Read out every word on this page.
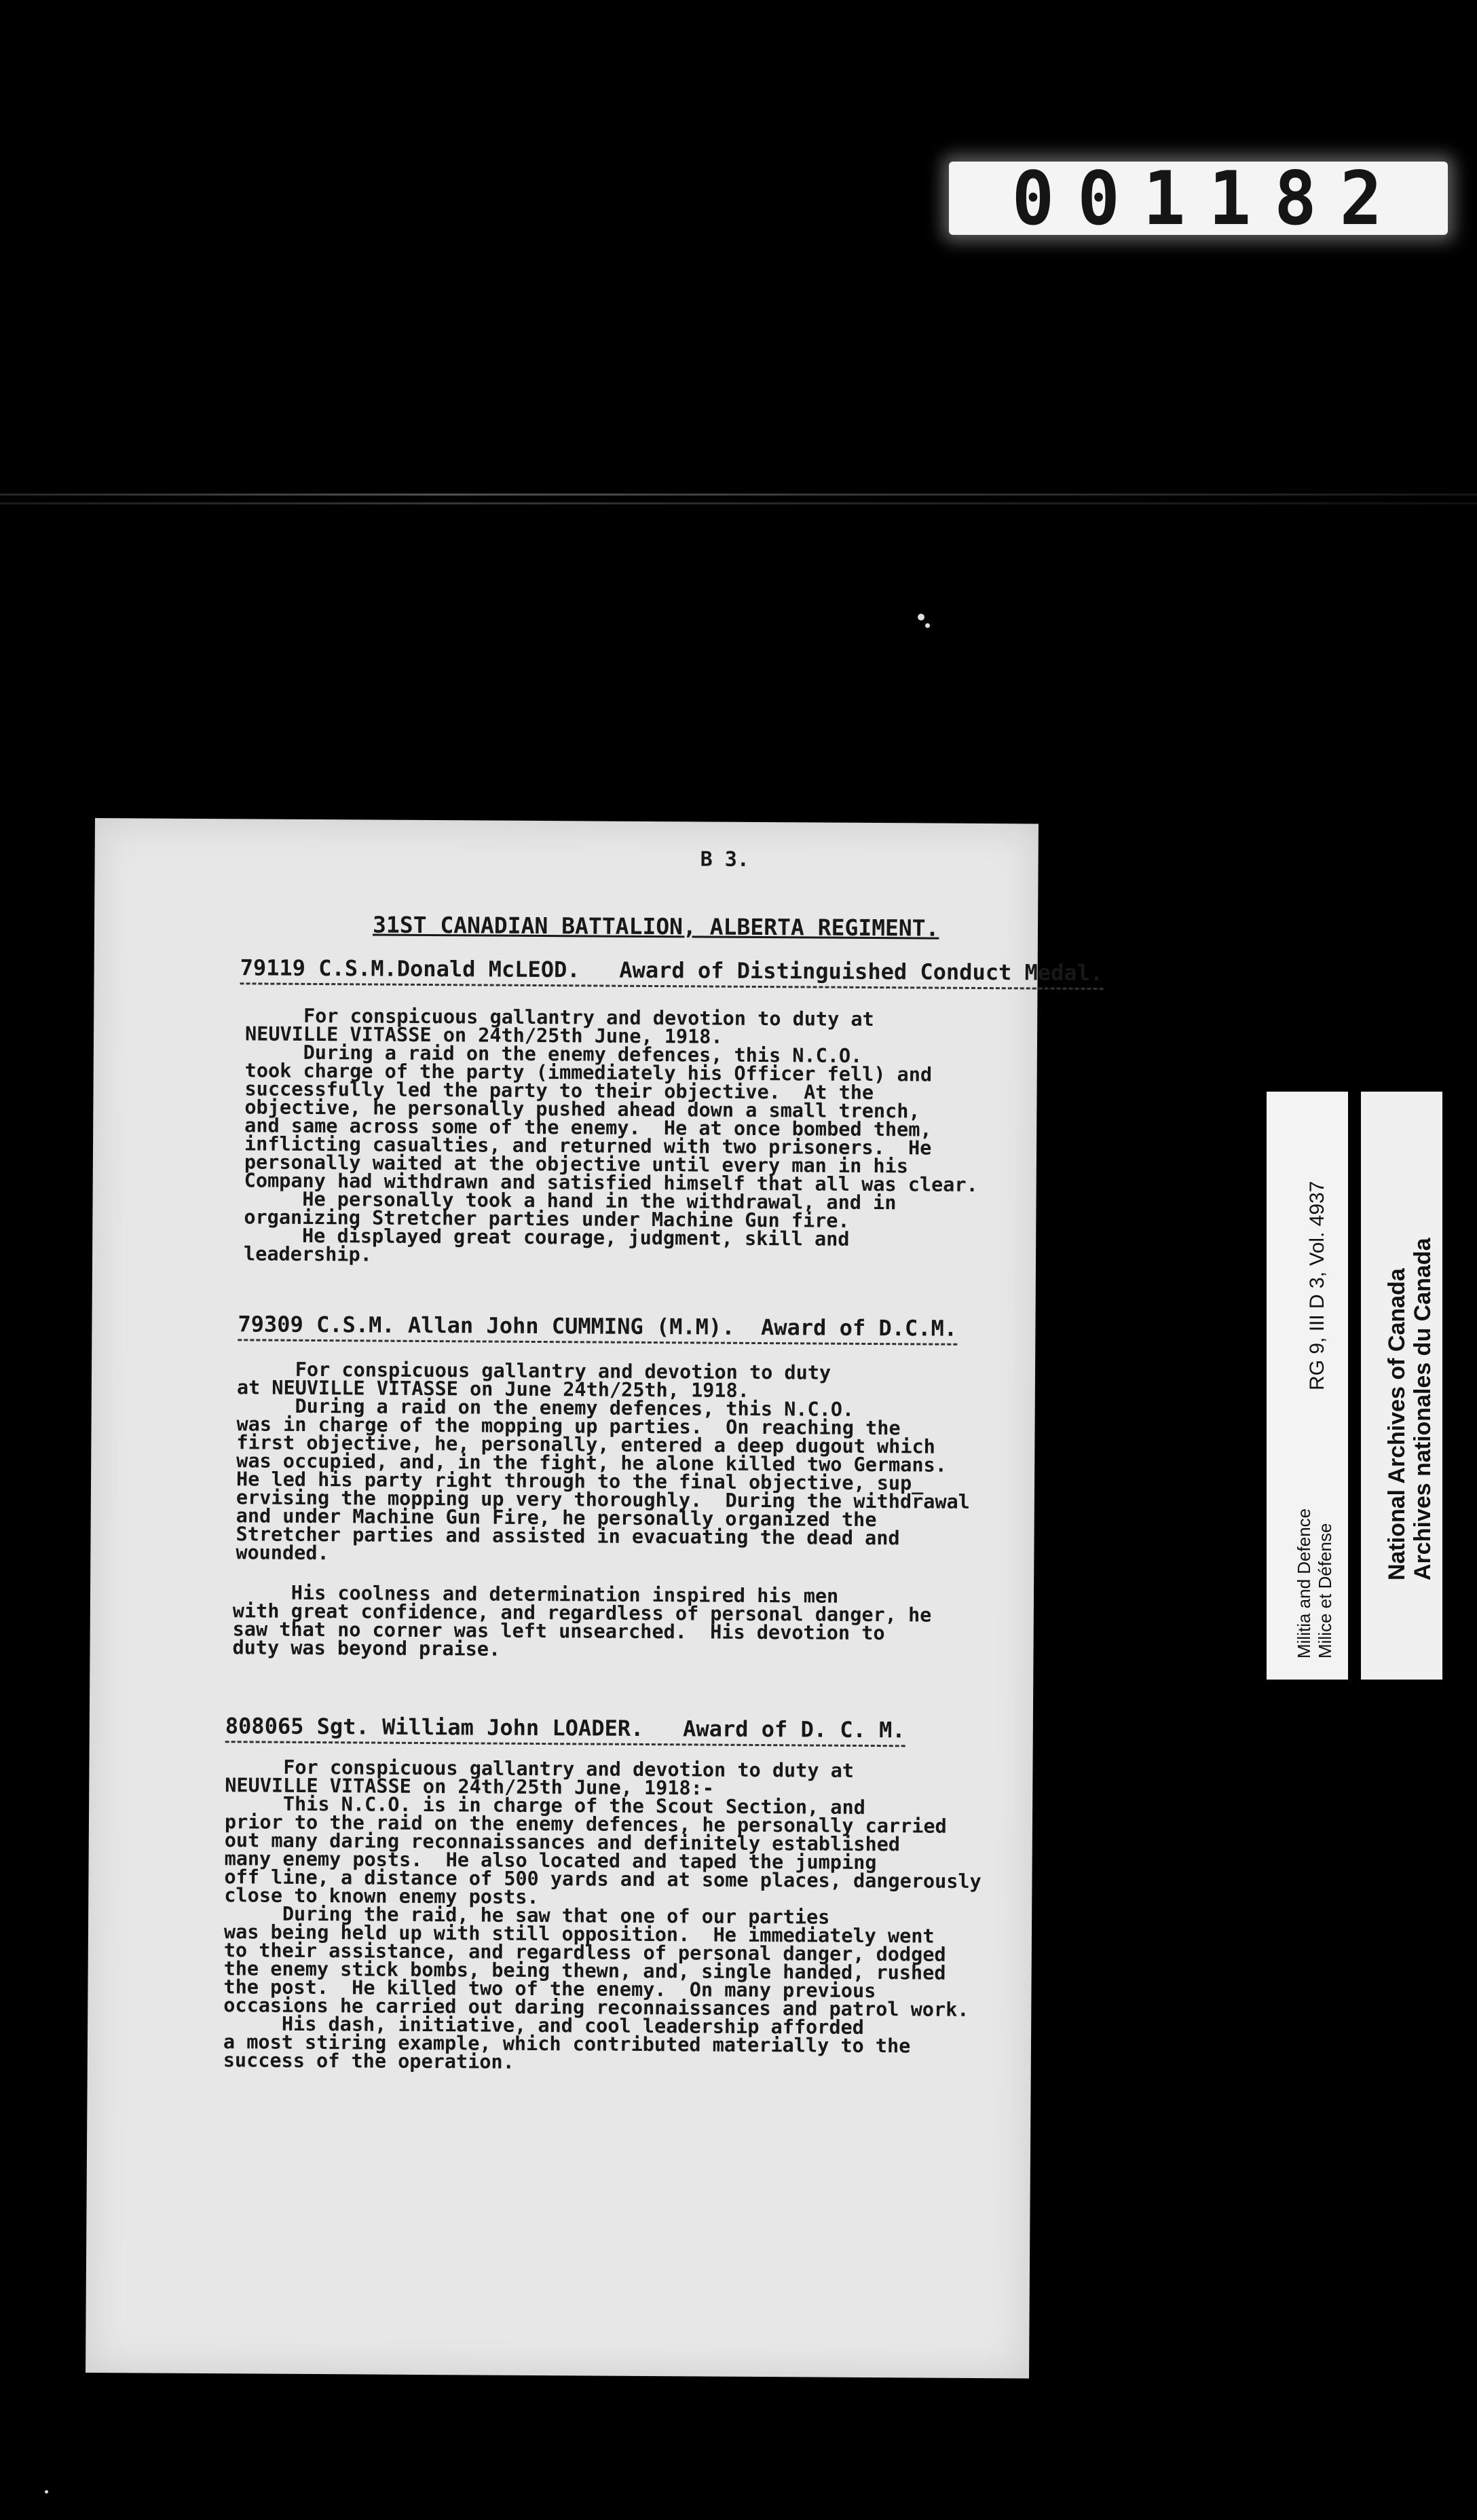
001182
B 3.
31ST CANADIAN BATTALION, ALBERTA REGIMENT.
79119 C.S.M.Donald McLEOD.   Award of Distinguished Conduct Medal.
For conspicuous gallantry and devotion to duty at
NEUVILLE VITASSE on 24th/25th June, 1918.
During a raid on the enemy defences, this N.C.O.
took charge of the party (immediately his Officer fell) and
successfully led the party to their objective.  At the
objective, he personally pushed ahead down a small trench,
and same across some of the enemy.  He at once bombed them,
inflicting casualties, and returned with two prisoners.  He
personally waited at the objective until every man in his
Company had withdrawn and satisfied himself that all was clear.
He personally took a hand in the withdrawal, and in
organizing Stretcher parties under Machine Gun fire.
He displayed great courage, judgment, skill and
leadership.
79309 C.S.M. Allan John CUMMING (M.M).  Award of D.C.M.
For conspicuous gallantry and devotion to duty
at NEUVILLE VITASSE on June 24th/25th, 1918.
During a raid on the enemy defences, this N.C.O.
was in charge of the mopping up parties.  On reaching the
first objective, he, personally, entered a deep dugout which
was occupied, and, in the fight, he alone killed two Germans.
He led his party right through to the final objective, sup_
ervising the mopping up very thoroughly.  During the withdrawal
and under Machine Gun Fire, he personally organized the
Stretcher parties and assisted in evacuating the dead and
wounded.
His coolness and determination inspired his men
with great confidence, and regardless of personal danger, he
saw that no corner was left unsearched.  His devotion to
duty was beyond praise.
808065 Sgt. William John LOADER.   Award of D. C. M.
For conspicuous gallantry and devotion to duty at
NEUVILLE VITASSE on 24th/25th June, 1918:-
This N.C.O. is in charge of the Scout Section, and
prior to the raid on the enemy defences, he personally carried
out many daring reconnaissances and definitely established
many enemy posts.  He also located and taped the jumping
off line, a distance of 500 yards and at some places, dangerously
close to known enemy posts.
During the raid, he saw that one of our parties
was being held up with still opposition.  He immediately went
to their assistance, and regardless of personal danger, dodged
the enemy stick bombs, being thewn, and, single handed, rushed
the post.  He killed two of the enemy.  On many previous
occasions he carried out daring reconnaissances and patrol work.
His dash, initiative, and cool leadership afforded
a most stiring example, which contributed materially to the
success of the operation.
RG 9, III D 3, Vol. 4937
Militia and Defence
Milice et Défense
National Archives of Canada
Archives nationales du Canada
